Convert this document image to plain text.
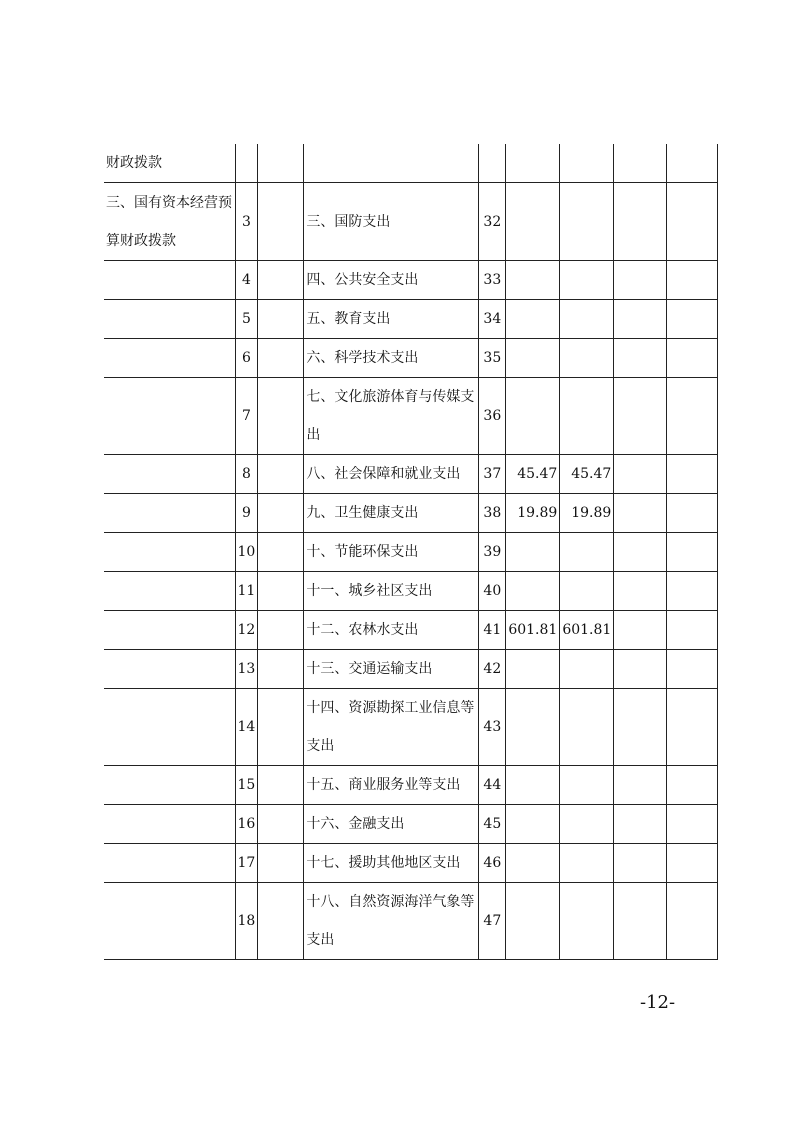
财政拨款								
三、国有资本经营预算财政拨款	3		三、国防支出	32				
	4		四、公共安全支出	33				
	5		五、教育支出	34				
	6		六、科学技术支出	35				
	7		七、文化旅游体育与传媒支出	36				
	8		八、社会保障和就业支出	37	45.47	45.47		
	9		九、卫生健康支出	38	19.89	19.89		
	10		十、节能环保支出	39				
	11		十一、城乡社区支出	40				
	12		十二、农林水支出	41	601.81	601.81		
	13		十三、交通运输支出	42				
	14		十四、资源勘探工业信息等支出	43				
	15		十五、商业服务业等支出	44				
	16		十六、金融支出	45				
	17		十七、援助其他地区支出	46				
	18		十八、自然资源海洋气象等支出	47				
-12-
